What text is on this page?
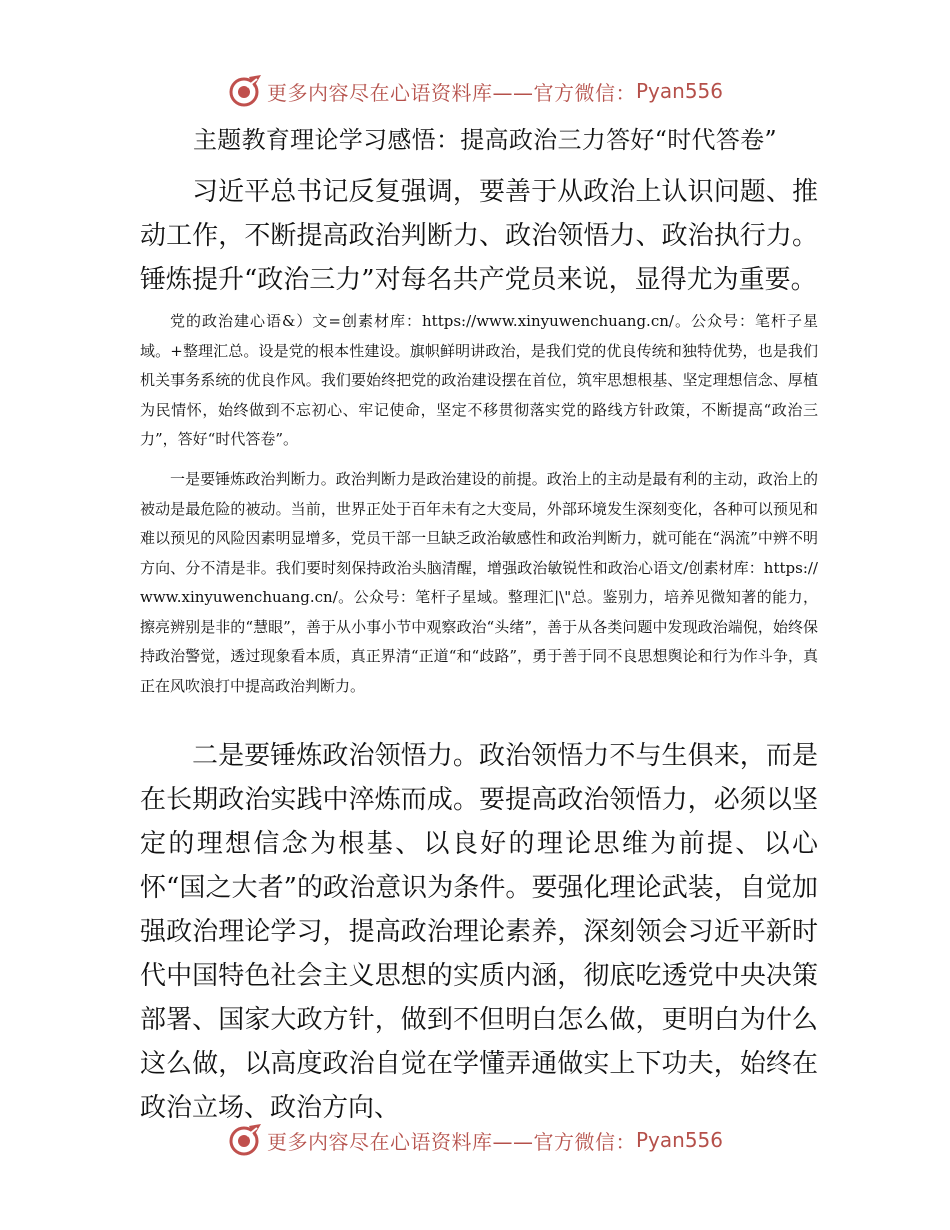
更多内容尽在心语资料库——官方微信： Pyan556
主题教育理论学习感悟：提高政治三力答好“时代答卷”

习近平总书记反复强调，要善于从政治上认识问题、推动工作，不断提高政治判断力、政治领悟力、政治执行力。锤炼提升“政治三力”对每名共产党员来说，显得尤为重要。

党的政治建心语&）文=创素材库：https://www.xinyuwenchuang.cn/。公众号：笔杆子星域。+整理汇总。设是党的根本性建设。旗帜鲜明讲政治，是我们党的优良传统和独特优势，也是我们机关事务系统的优良作风。我们要始终把党的政治建设摆在首位，筑牢思想根基、坚定理想信念、厚植为民情怀，始终做到不忘初心、牢记使命，坚定不移贯彻落实党的路线方针政策，不断提高“政治三力”，答好“时代答卷”。

一是要锤炼政治判断力。政治判断力是政治建设的前提。政治上的主动是最有利的主动，政治上的被动是最危险的被动。当前，世界正处于百年未有之大变局，外部环境发生深刻变化，各种可以预见和难以预见的风险因素明显增多，党员干部一旦缺乏政治敏感性和政治判断力，就可能在“涡流”中辨不明方向、分不清是非。我们要时刻保持政治头脑清醒，增强政治敏锐性和政治心语文/创素材库：https://www.xinyuwenchuang.cn/。公众号：笔杆子星域。整理汇|\"总。鉴别力，培养见微知著的能力，擦亮辨别是非的“慧眼”，善于从小事小节中观察政治“头绪”，善于从各类问题中发现政治端倪，始终保持政治警觉，透过现象看本质，真正界清“正道“和“歧路”，勇于善于同不良思想舆论和行为作斗争，真正在风吹浪打中提高政治判断力。

二是要锤炼政治领悟力。政治领悟力不与生俱来，而是在长期政治实践中淬炼而成。要提高政治领悟力，必须以坚定的理想信念为根基、以良好的理论思维为前提、以心怀“国之大者”的政治意识为条件。要强化理论武装，自觉加强政治理论学习，提高政治理论素养，深刻领会习近平新时代中国特色社会主义思想的实质内涵，彻底吃透党中央决策部署、国家大政方针，做到不但明白怎么做，更明白为什么这么做，以高度政治自觉在学懂弄通做实上下功夫，始终在政治立场、政治方向、

更多内容尽在心语资料库——官方微信： Pyan556
